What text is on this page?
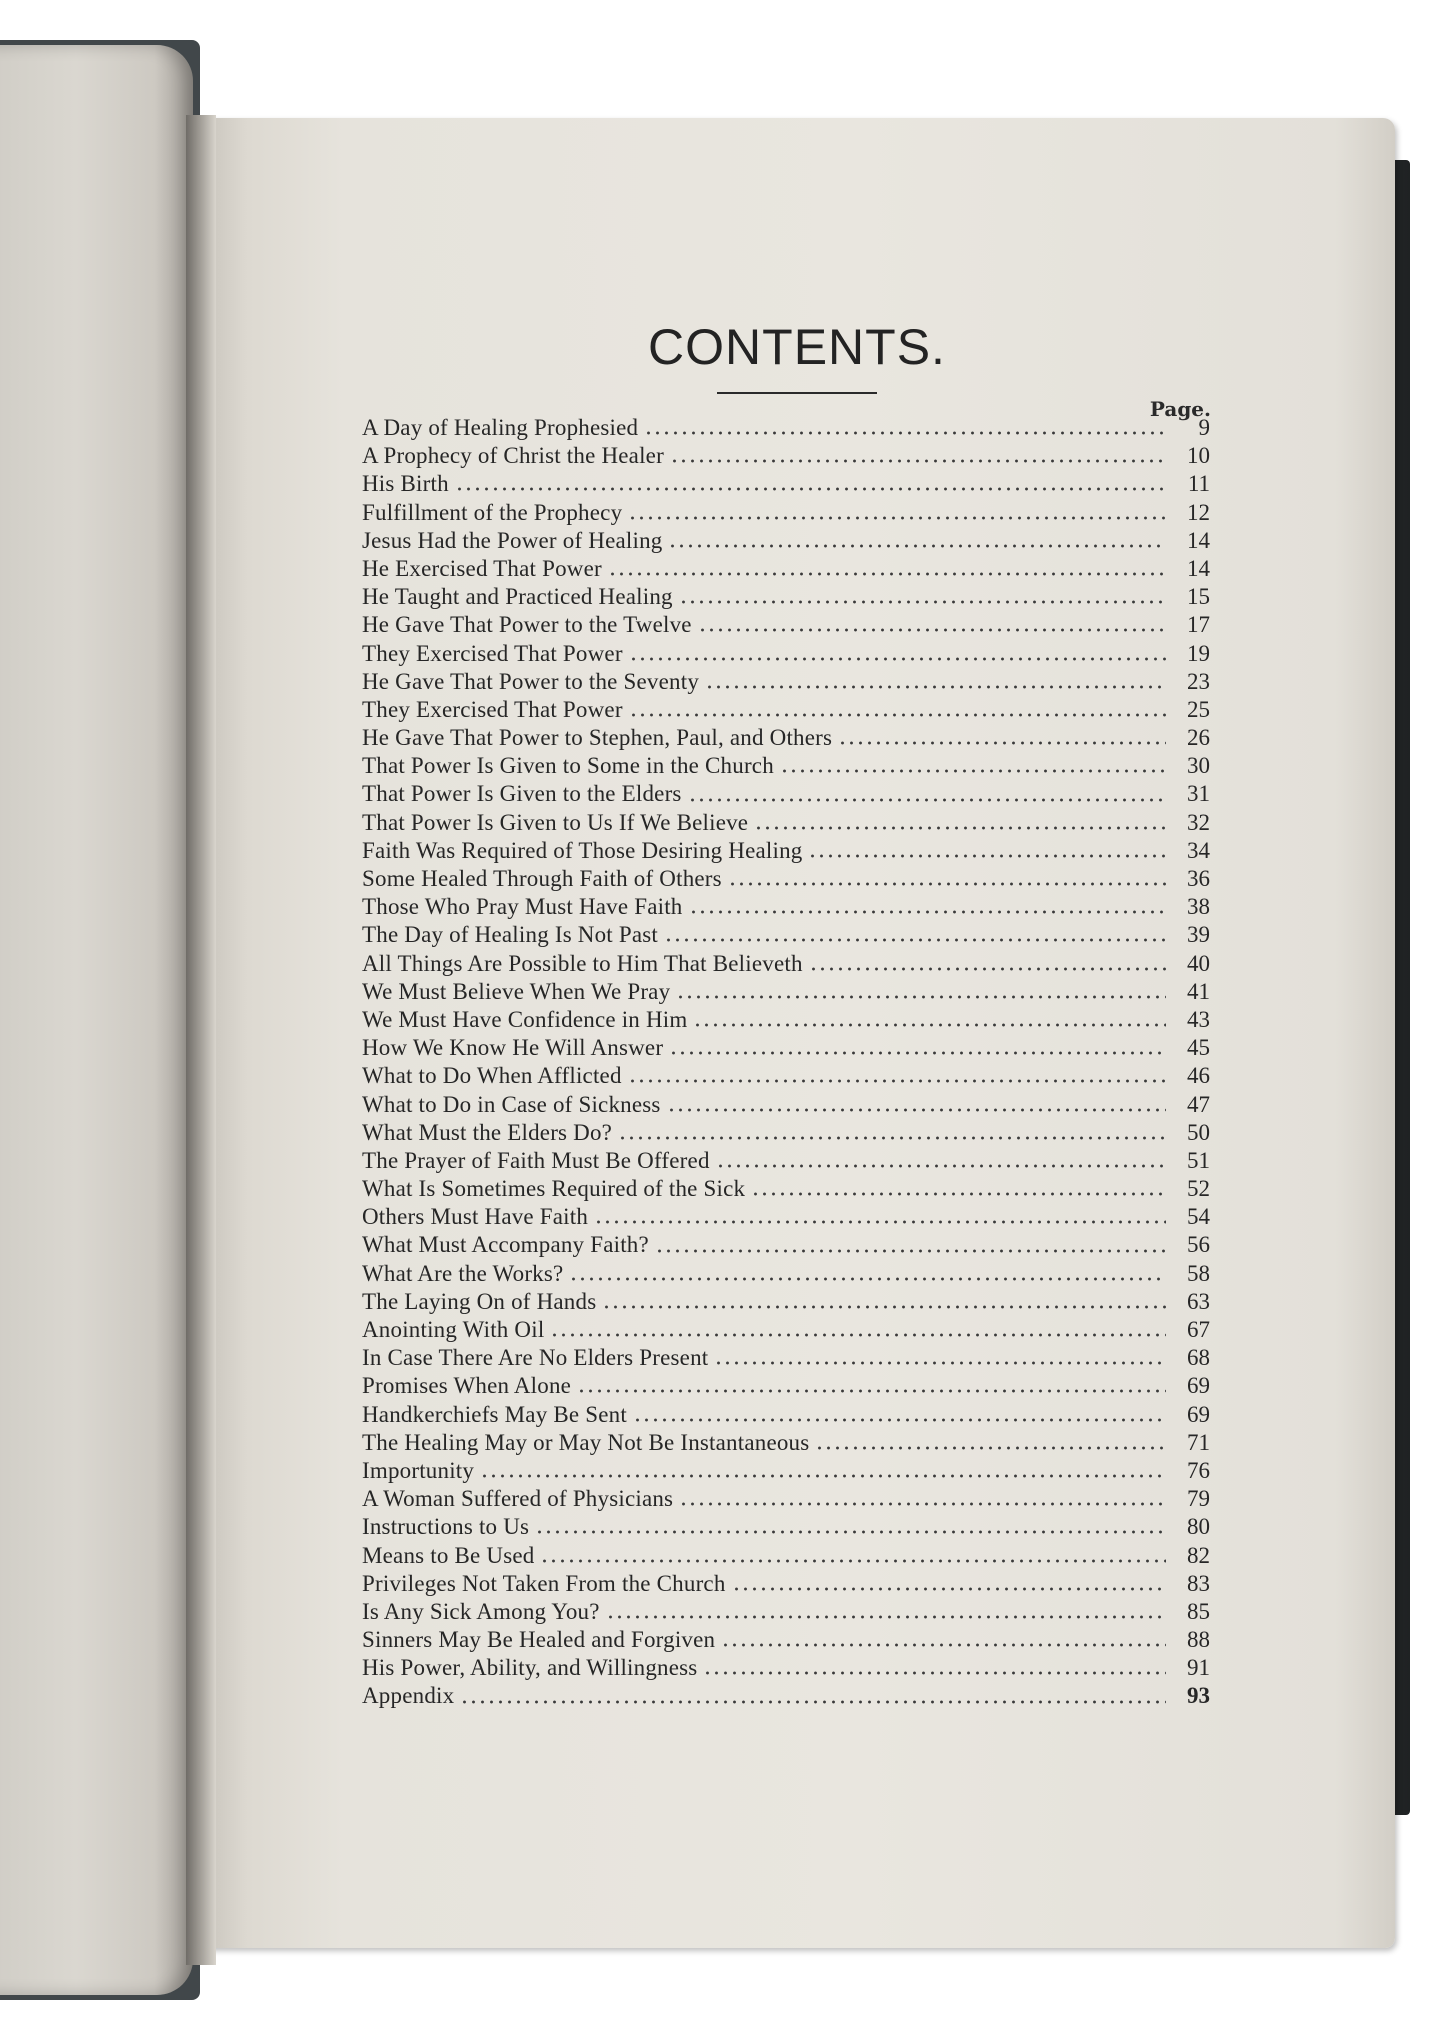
CONTENTS.
Page.
A Day of Healing Prophesied	9
A Prophecy of Christ the Healer	10
His Birth	11
Fulfillment of the Prophecy	12
Jesus Had the Power of Healing	14
He Exercised That Power	14
He Taught and Practiced Healing	15
He Gave That Power to the Twelve	17
They Exercised That Power	19
He Gave That Power to the Seventy	23
They Exercised That Power	25
He Gave That Power to Stephen, Paul, and Others	26
That Power Is Given to Some in the Church	30
That Power Is Given to the Elders	31
That Power Is Given to Us If We Believe	32
Faith Was Required of Those Desiring Healing	34
Some Healed Through Faith of Others	36
Those Who Pray Must Have Faith	38
The Day of Healing Is Not Past	39
All Things Are Possible to Him That Believeth	40
We Must Believe When We Pray	41
We Must Have Confidence in Him	43
How We Know He Will Answer	45
What to Do When Afflicted	46
What to Do in Case of Sickness	47
What Must the Elders Do?	50
The Prayer of Faith Must Be Offered	51
What Is Sometimes Required of the Sick	52
Others Must Have Faith	54
What Must Accompany Faith?	56
What Are the Works?	58
The Laying On of Hands	63
Anointing With Oil	67
In Case There Are No Elders Present	68
Promises When Alone	69
Handkerchiefs May Be Sent	69
The Healing May or May Not Be Instantaneous	71
Importunity	76
A Woman Suffered of Physicians	79
Instructions to Us	80
Means to Be Used	82
Privileges Not Taken From the Church	83
Is Any Sick Among You?	85
Sinners May Be Healed and Forgiven	88
His Power, Ability, and Willingness	91
Appendix	93
